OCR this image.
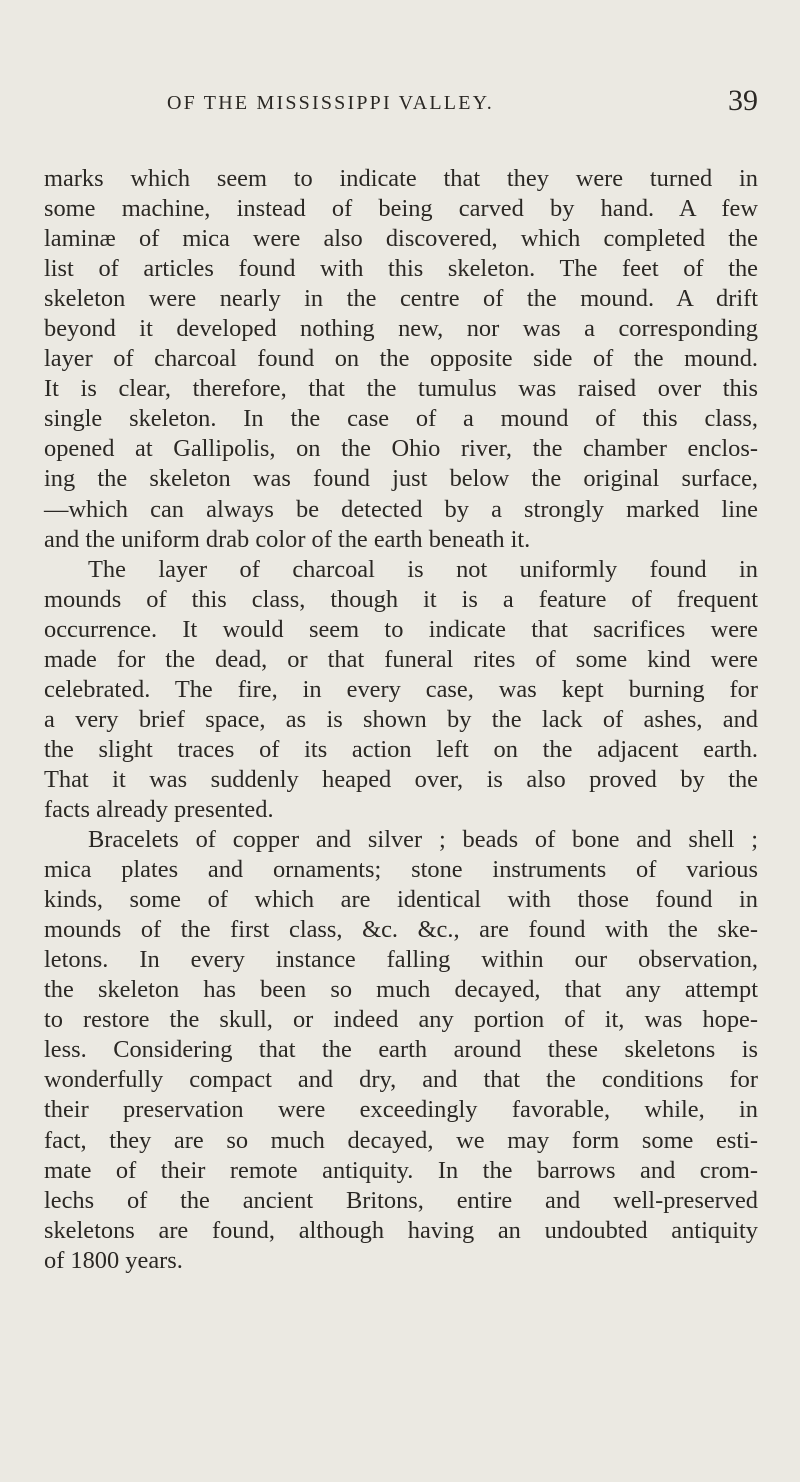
OF THE MISSISSIPPI VALLEY.	39
marks which seem to indicate that they were turned in
some machine, instead of being carved by hand. A few
laminæ of mica were also discovered, which completed the
list of articles found with this skeleton. The feet of the
skeleton were nearly in the centre of the mound. A drift
beyond it developed nothing new, nor was a corresponding
layer of charcoal found on the opposite side of the mound.
It is clear, therefore, that the tumulus was raised over this
single skeleton. In the case of a mound of this class,
opened at Gallipolis, on the Ohio river, the chamber enclos-
ing the skeleton was found just below the original surface,
—which can always be detected by a strongly marked line
and the uniform drab color of the earth beneath it.
The layer of charcoal is not uniformly found in
mounds of this class, though it is a feature of frequent
occurrence. It would seem to indicate that sacrifices were
made for the dead, or that funeral rites of some kind were
celebrated. The fire, in every case, was kept burning for
a very brief space, as is shown by the lack of ashes, and
the slight traces of its action left on the adjacent earth.
That it was suddenly heaped over, is also proved by the
facts already presented.
Bracelets of copper and silver ; beads of bone and shell ;
mica plates and ornaments; stone instruments of various
kinds, some of which are identical with those found in
mounds of the first class, &c. &c., are found with the ske-
letons. In every instance falling within our observation,
the skeleton has been so much decayed, that any attempt
to restore the skull, or indeed any portion of it, was hope-
less. Considering that the earth around these skeletons is
wonderfully compact and dry, and that the conditions for
their preservation were exceedingly favorable, while, in
fact, they are so much decayed, we may form some esti-
mate of their remote antiquity. In the barrows and crom-
lechs of the ancient Britons, entire and well-preserved
skeletons are found, although having an undoubted antiquity
of 1800 years.
